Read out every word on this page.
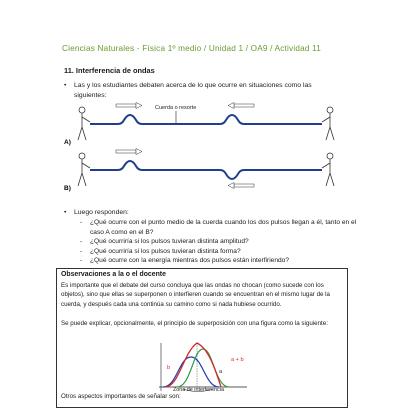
Ciencias Naturales - Física 1º medio / Unidad 1 / OA9 / Actividad 11
11. Interferencia de ondas
• Las y los estudiantes debaten acerca de lo que ocurre en situaciones como las siguientes:
Cuerda o resorte
A)
B)
• Luego responden:
- ¿Qué ocurre con el punto medio de la cuerda cuando los dos pulsos llegan a él, tanto en el caso A como en el B?
- ¿Qué ocurriría si los pulsos tuvieran distinta amplitud?
- ¿Qué ocurriría si los pulsos tuvieran distinta forma?
- ¿Qué ocurre con la energía mientras dos pulsos están interfiriendo?
Observaciones a la o el docente
Es importante que el debate del curso concluya que las ondas no chocan (como sucede con los objetos), sino que ellas se superponen o interfieren cuando se encuentran en el mismo lugar de la cuerda, y después cada una continúa su camino como si nada hubiese ocurrido.
Se puede explicar, opcionalmente, el principio de superposición con una figura como la siguiente:
a + b
b
a
Zona de interferencia
Otros aspectos importantes de señalar son:
